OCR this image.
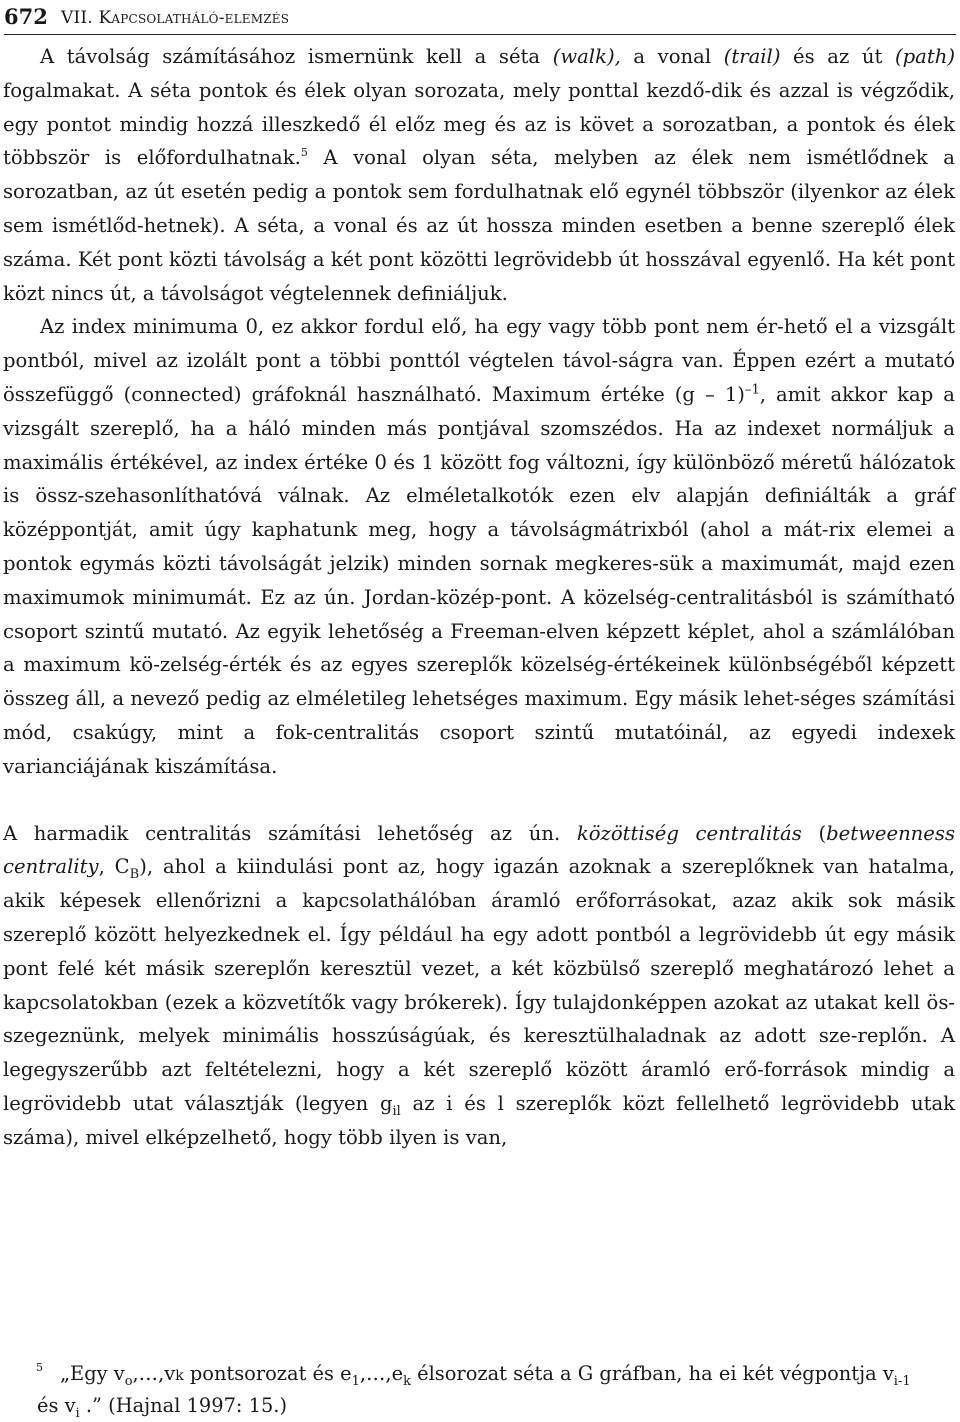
672 VII. Kapcsolatháló-elemzés

A távolság számításához ismernünk kell a séta (walk), a vonal (trail) és az út (path) fogalmakat. A séta pontok és élek olyan sorozata, mely ponttal kezdő-dik és azzal is végződik, egy pontot mindig hozzá illeszkedő él előz meg és az is követ a sorozatban, a pontok és élek többször is előfordulhatnak.$^5$ A vonal olyan séta, melyben az élek nem ismétlődnek a sorozatban, az út esetén pedig a pontok sem fordulhatnak elő egynél többször (ilyenkor az élek sem ismétlőd-hetnek). A séta, a vonal és az út hossza minden esetben a benne szereplő élek száma. Két pont közti távolság a két pont közötti legrövidebb út hosszával egyenlő. Ha két pont közt nincs út, a távolságot végtelennek definiáljuk.

Az index minimuma 0, ez akkor fordul elő, ha egy vagy több pont nem ér-hető el a vizsgált pontból, mivel az izolált pont a többi ponttól végtelen távol-ságra van. Éppen ezért a mutató összefüggő (connected) gráfoknál használható. Maximum értéke (g – 1)$^{-1}$, amit akkor kap a vizsgált szereplő, ha a háló minden más pontjával szomszédos. Ha az indexet normáljuk a maximális értékével, az index értéke 0 és 1 között fog változni, így különböző méretű hálózatok is össz-szehasonlíthatóvá válnak. Az elméletalkotók ezen elv alapján definiálták a gráf középpontját, amit úgy kaphatunk meg, hogy a távolságmátrixból (ahol a mát-rix elemei a pontok egymás közti távolságát jelzik) minden sornak megkeres-sük a maximumát, majd ezen maximumok minimumát. Ez az ún. Jordan-közép-pont. A közelség-centralitásból is számítható csoport szintű mutató. Az egyik lehetőség a Freeman-elven képzett képlet, ahol a számlálóban a maximum kö-zelség-érték és az egyes szereplők közelség-értékeinek különbségéből képzett összeg áll, a nevező pedig az elméletileg lehetséges maximum. Egy másik lehet-séges számítási mód, csakúgy, mint a fok-centralitás csoport szintű mutatóinál, az egyedi indexek varianciájának kiszámítása.

A harmadik centralitás számítási lehetőség az ún. közöttiség centralitás (betweenness centrality, $C_B$), ahol a kiindulási pont az, hogy igazán azoknak a szereplőknek van hatalma, akik képesek ellenőrizni a kapcsolathálóban áramló erőforrásokat, azaz akik sok másik szereplő között helyezkednek el. Így például ha egy adott pontból a legrövidebb út egy másik pont felé két másik szereplőn keresztül vezet, a két közbülső szereplő meghatározó lehet a kapcsolatokban (ezek a közvetítők vagy brókerek). Így tulajdonképpen azokat az utakat kell ös-szegeznünk, melyek minimális hosszúságúak, és keresztülhaladnak az adott sze-replőn. A legegyszerűbb azt feltételezni, hogy a két szereplő között áramló erő-források mindig a legrövidebb utat választják (legyen $g_{il}$ az i és l szereplők közt fellelhető legrövidebb utak száma), mivel elképzelhető, hogy több ilyen is van,

5 „Egy $v_o,\dots,vk$ pontsorozat és $e_1,\dots,e_k$ élsorozat séta a G gráfban, ha ei két végpontja $v_{i-1}$
és $v_i$ .” (Hajnal 1997: 15.)
